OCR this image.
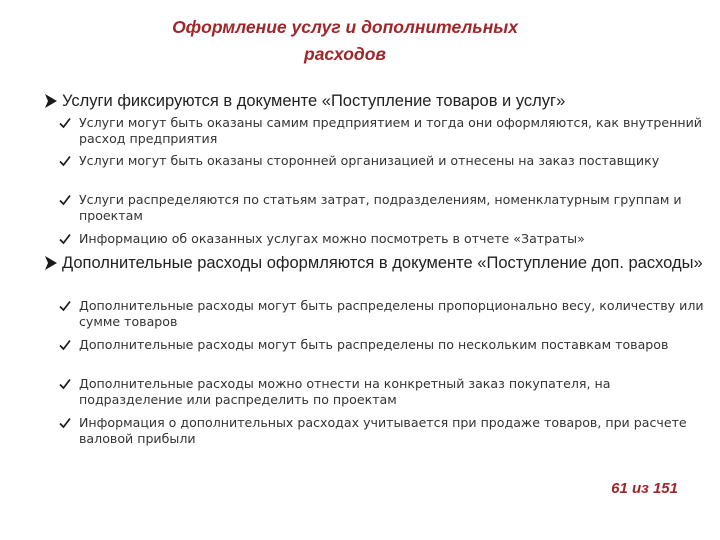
Оформление услуг и дополнительных
расходов
Услуги фиксируются в документе «Поступление товаров и услуг»
Услуги могут быть оказаны самим предприятием и тогда они оформляются, как внутренний расход предприятия
Услуги могут быть оказаны сторонней организацией и отнесены на заказ поставщику
Услуги распределяются по статьям затрат, подразделениям, номенклатурным группам и проектам
Информацию об оказанных услугах можно посмотреть в отчете «Затраты»
Дополнительные расходы оформляются в документе «Поступление доп. расходы»
Дополнительные расходы могут быть распределены пропорционально весу, количеству или сумме товаров
Дополнительные расходы могут быть распределены по нескольким поставкам товаров
Дополнительные расходы можно отнести на конкретный заказ покупателя, на подразделение или распределить по проектам
Информация о дополнительных расходах учитывается при продаже товаров, при расчете валовой прибыли
61 из 151
